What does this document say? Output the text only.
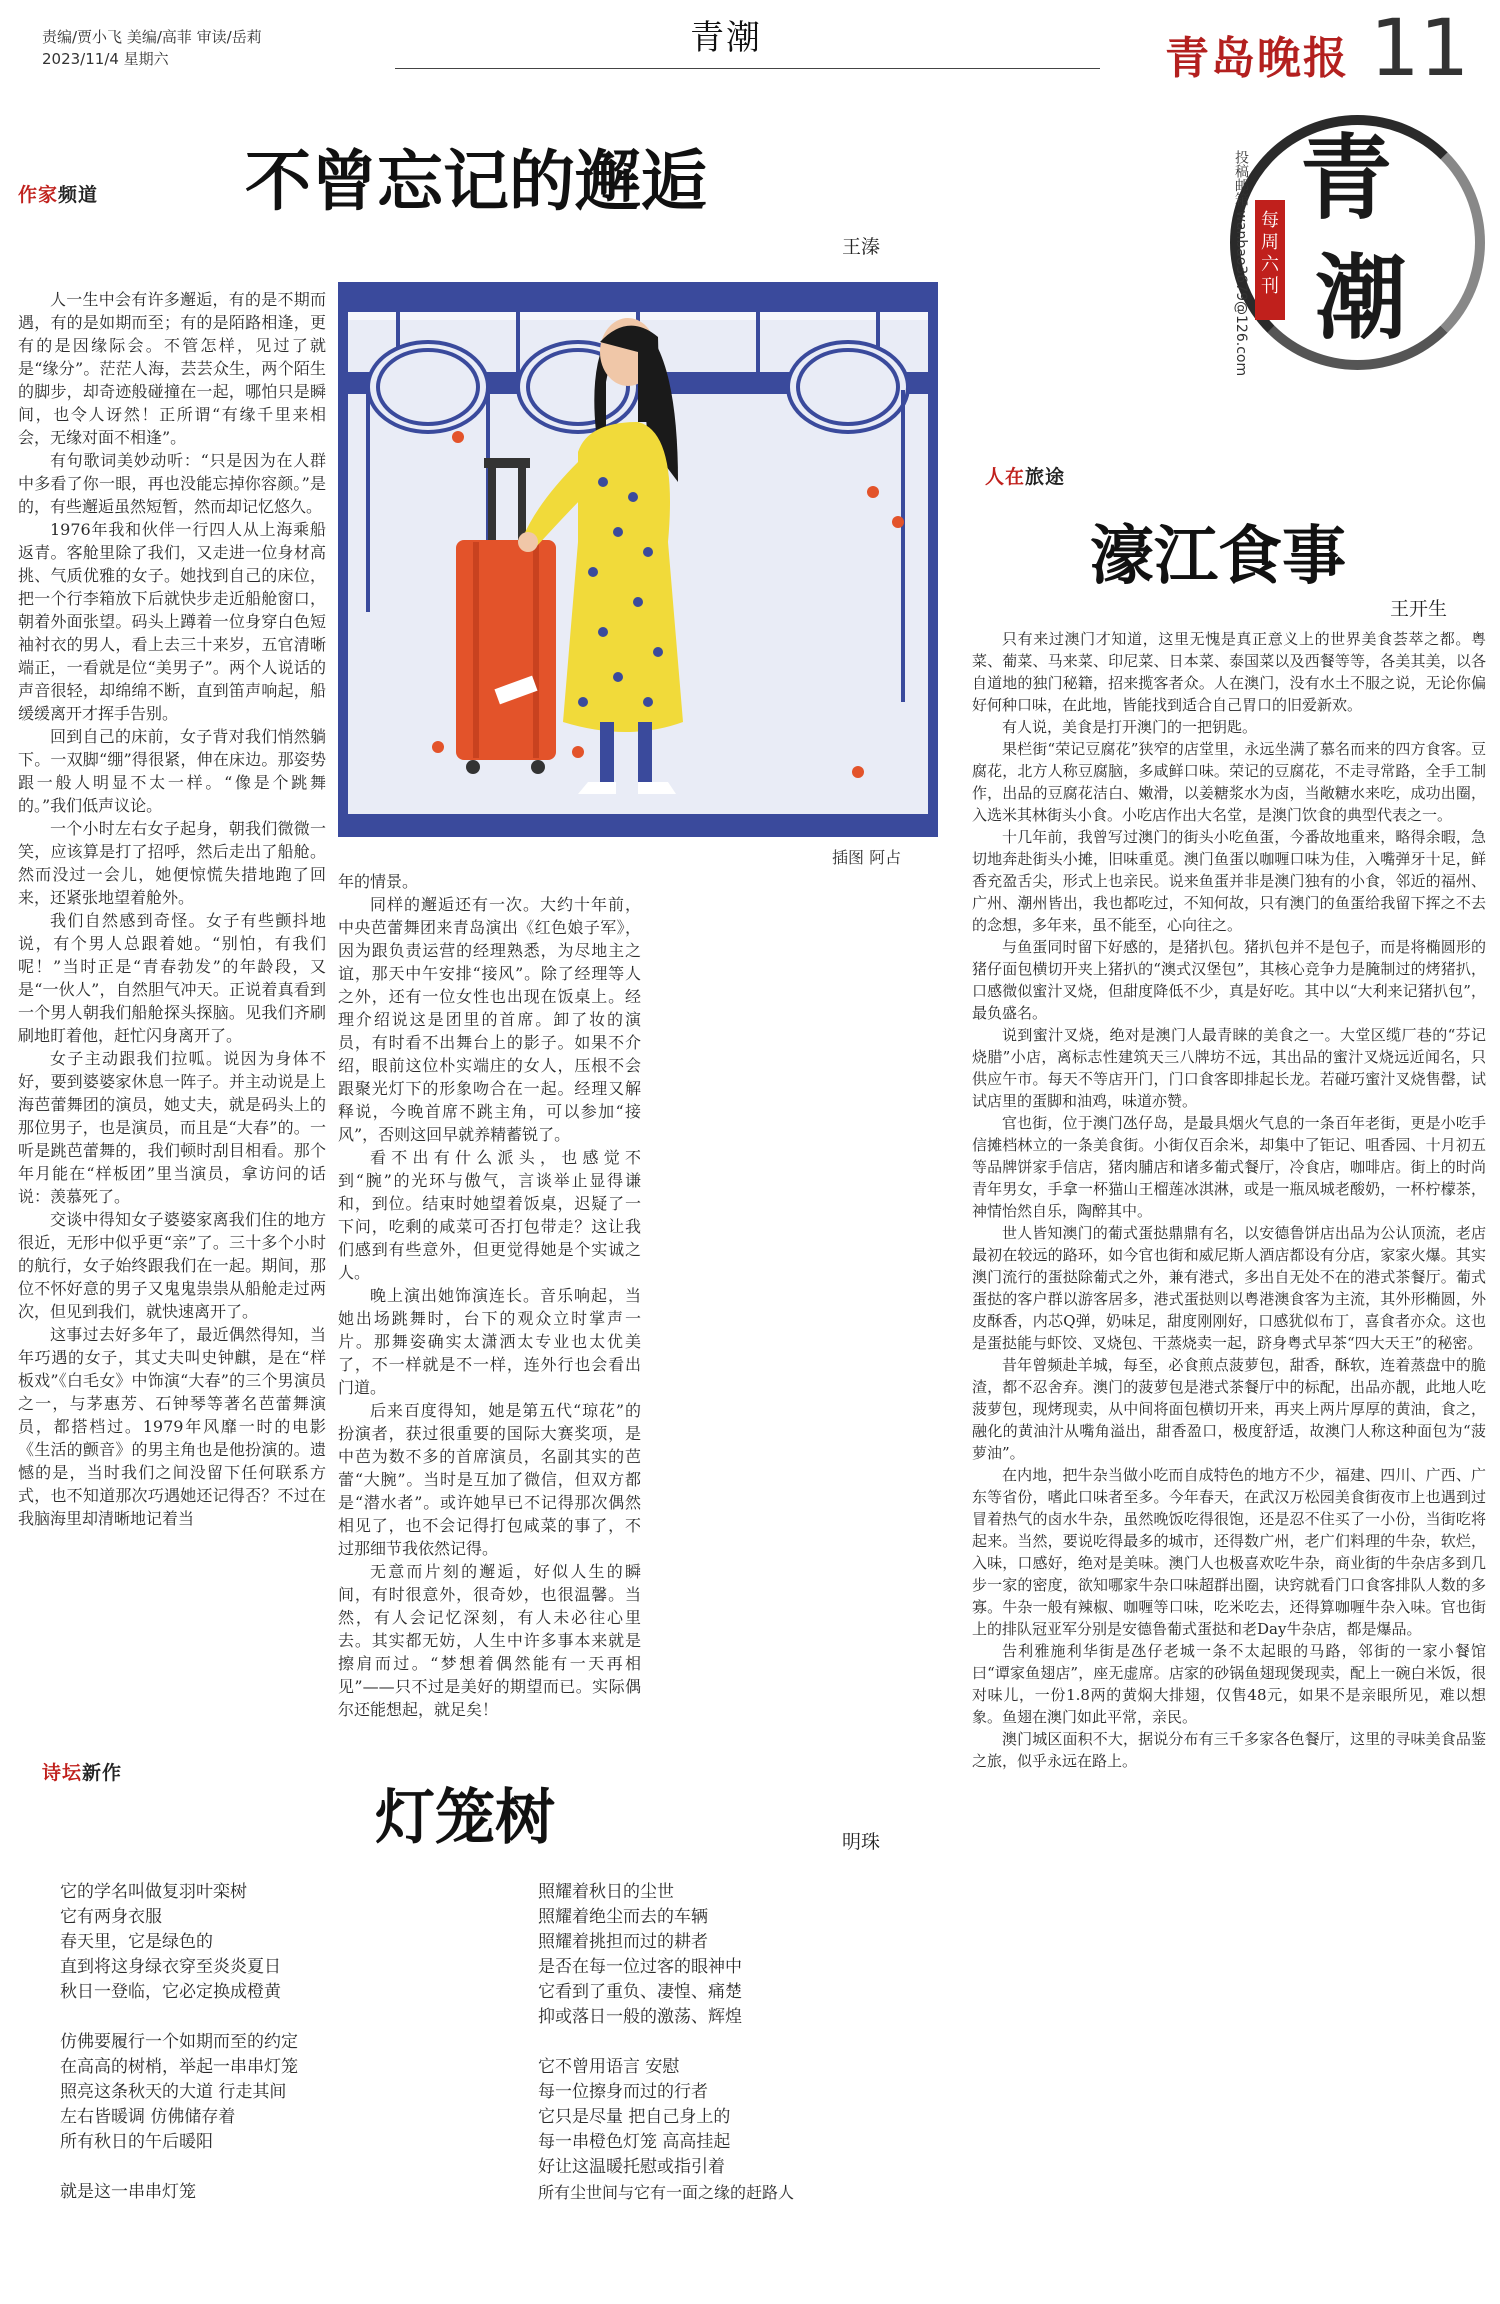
责编/贾小飞 美编/高菲 审读/岳莉
2023/11/4 星期六
青潮	青岛晚报 11
青
潮
每周六刊
投稿邮箱 wanbao3679@126.com
作家频道 不曾忘记的邂逅
王溱

人一生中会有许多邂逅，有的是不期而遇，有的是如期而至；有的是陌路相逢，更有的是因缘际会。不管怎样，见过了就是“缘分”。茫茫人海，芸芸众生，两个陌生的脚步，却奇迹般碰撞在一起，哪怕只是瞬间，也令人讶然！正所谓“有缘千里来相会，无缘对面不相逢”。

有句歌词美妙动听：“只是因为在人群中多看了你一眼，再也没能忘掉你容颜。”是的，有些邂逅虽然短暂，然而却记忆悠久。

1976年我和伙伴一行四人从上海乘船返青。客舱里除了我们，又走进一位身材高挑、气质优雅的女子。她找到自己的床位，把一个行李箱放下后就快步走近船舱窗口，朝着外面张望。码头上蹲着一位身穿白色短袖衬衣的男人，看上去三十来岁，五官清晰端正，一看就是位“美男子”。两个人说话的声音很轻，却绵绵不断，直到笛声响起，船缓缓离开才挥手告别。

回到自己的床前，女子背对我们悄然躺下。一双脚“绷”得很紧，伸在床边。那姿势跟一般人明显不太一样。“像是个跳舞的。”我们低声议论。

一个小时左右女子起身，朝我们微微一笑，应该算是打了招呼，然后走出了船舱。然而没过一会儿，她便惊慌失措地跑了回来，还紧张地望着舱外。

我们自然感到奇怪。女子有些颤抖地说，有个男人总跟着她。“别怕，有我们呢！”当时正是“青春勃发”的年龄段，又是“一伙人”，自然胆气冲天。正说着真看到一个男人朝我们船舱探头探脑。见我们齐刷刷地盯着他，赶忙闪身离开了。

女子主动跟我们拉呱。说因为身体不好，要到婆婆家休息一阵子。并主动说是上海芭蕾舞团的演员，她丈夫，就是码头上的那位男子，也是演员，而且是“大春”的。一听是跳芭蕾舞的，我们顿时刮目相看。那个年月能在“样板团”里当演员，拿访问的话说：羡慕死了。

交谈中得知女子婆婆家离我们住的地方很近，无形中似乎更“亲”了。三十多个小时的航行，女子始终跟我们在一起。期间，那位不怀好意的男子又鬼鬼祟祟从船舱走过两次，但见到我们，就快速离开了。

这事过去好多年了，最近偶然得知，当年巧遇的女子，其丈夫叫史钟麒，是在“样板戏”《白毛女》中饰演“大春”的三个男演员之一，与茅惠芳、石钟琴等著名芭蕾舞演员，都搭档过。1979年风靡一时的电影《生活的颤音》的男主角也是他扮演的。遗憾的是，当时我们之间没留下任何联系方式，也不知道那次巧遇她还记得否？不过在我脑海里却清晰地记着当

插图 阿占

年的情景。

同样的邂逅还有一次。大约十年前，中央芭蕾舞团来青岛演出《红色娘子军》，因为跟负责运营的经理熟悉，为尽地主之谊，那天中午安排“接风”。除了经理等人之外，还有一位女性也出现在饭桌上。经理介绍说这是团里的首席。卸了妆的演员，有时看不出舞台上的影子。如果不介绍，眼前这位朴实端庄的女人，压根不会跟聚光灯下的形象吻合在一起。经理又解释说，今晚首席不跳主角，可以参加“接风”，否则这回早就养精蓄锐了。

看不出有什么派头，也感觉不到“腕”的光环与傲气，言谈举止显得谦和，到位。结束时她望着饭桌，迟疑了一下问，吃剩的咸菜可否打包带走？这让我们感到有些意外，但更觉得她是个实诚之人。

晚上演出她饰演连长。音乐响起，当她出场跳舞时，台下的观众立时掌声一片。那舞姿确实太潇洒太专业也太优美了，不一样就是不一样，连外行也会看出门道。

后来百度得知，她是第五代“琼花”的扮演者，获过很重要的国际大赛奖项，是中芭为数不多的首席演员，名副其实的芭蕾“大腕”。当时是互加了微信，但双方都是“潜水者”。或许她早已不记得那次偶然相见了，也不会记得打包咸菜的事了，不过那细节我依然记得。

无意而片刻的邂逅，好似人生的瞬间，有时很意外，很奇妙，也很温馨。当然，有人会记忆深刻，有人未必往心里去。其实都无妨，人生中许多事本来就是擦肩而过。“梦想着偶然能有一天再相见”——只不过是美好的期望而已。实际偶尔还能想起，就足矣！

人在旅途
濠江食事
王开生

只有来过澳门才知道，这里无愧是真正意义上的世界美食荟萃之都。粤菜、葡菜、马来菜、印尼菜、日本菜、泰国菜以及西餐等等，各美其美，以各自道地的独门秘籍，招来揽客者众。人在澳门，没有水土不服之说，无论你偏好何种口味，在此地，皆能找到适合自己胃口的旧爱新欢。

有人说，美食是打开澳门的一把钥匙。

果栏街“荣记豆腐花”狭窄的店堂里，永远坐满了慕名而来的四方食客。豆腐花，北方人称豆腐脑，多咸鲜口味。荣记的豆腐花，不走寻常路，全手工制作，出品的豆腐花洁白、嫩滑，以姜糖浆水为卤，当敞糖水来吃，成功出圈，入选米其林街头小食。小吃店作出大名堂，是澳门饮食的典型代表之一。

十几年前，我曾写过澳门的街头小吃鱼蛋，今番故地重来，略得余暇，急切地奔赴街头小摊，旧味重觅。澳门鱼蛋以咖喱口味为佳，入嘴弹牙十足，鲜香充盈舌尖，形式上也亲民。说来鱼蛋并非是澳门独有的小食，邻近的福州、广州、潮州皆出，我也都吃过，不知何故，只有澳门的鱼蛋给我留下挥之不去的念想，多年来，虽不能至，心向往之。

与鱼蛋同时留下好感的，是猪扒包。猪扒包并不是包子，而是将椭圆形的猪仔面包横切开夹上猪扒的“澳式汉堡包”，其核心竞争力是腌制过的烤猪扒，口感微似蜜汁叉烧，但甜度降低不少，真是好吃。其中以“大利来记猪扒包”，最负盛名。

说到蜜汁叉烧，绝对是澳门人最青睐的美食之一。大堂区缆厂巷的“芬记烧腊”小店，离标志性建筑天三八牌坊不远，其出品的蜜汁叉烧远近闻名，只供应午市。每天不等店开门，门口食客即排起长龙。若碰巧蜜汁叉烧售罄，试试店里的蛋脚和油鸡，味道亦赞。

官也街，位于澳门氹仔岛，是最具烟火气息的一条百年老街，更是小吃手信摊档林立的一条美食街。小街仅百余米，却集中了钜记、咀香园、十月初五等品牌饼家手信店，猪肉脯店和诸多葡式餐厅，冷食店，咖啡店。街上的时尚青年男女，手拿一杯猫山王榴莲冰淇淋，或是一瓶凤城老酸奶，一杯柠檬茶，神情怡然自乐，陶醉其中。

世人皆知澳门的葡式蛋挞鼎鼎有名，以安德鲁饼店出品为公认顶流，老店最初在较远的路环，如今官也街和威尼斯人酒店都设有分店，家家火爆。其实澳门流行的蛋挞除葡式之外，兼有港式，多出自无处不在的港式茶餐厅。葡式蛋挞的客户群以游客居多，港式蛋挞则以粤港澳食客为主流，其外形椭圆，外皮酥香，内芯Q弹，奶味足，甜度刚刚好，口感犹似布丁，喜食者亦众。这也是蛋挞能与虾饺、叉烧包、干蒸烧卖一起，跻身粤式早茶“四大天王”的秘密。

昔年曾频赴羊城，每至，必食煎点菠萝包，甜香，酥软，连着蒸盘中的脆渣，都不忍舍弃。澳门的菠萝包是港式茶餐厅中的标配，出品亦靓，此地人吃菠萝包，现烤现卖，从中间将面包横切开来，再夹上两片厚厚的黄油，食之，融化的黄油汁从嘴角溢出，甜香盈口，极度舒适，故澳门人称这种面包为“菠萝油”。

在内地，把牛杂当做小吃而自成特色的地方不少，福建、四川、广西、广东等省份，嗜此口味者至多。今年春天，在武汉万松园美食街夜市上也遇到过冒着热气的卤水牛杂，虽然晚饭吃得很饱，还是忍不住买了一小份，当街吃将起来。当然，要说吃得最多的城市，还得数广州，老广们料理的牛杂，软烂，入味，口感好，绝对是美味。澳门人也极喜欢吃牛杂，商业街的牛杂店多到几步一家的密度，欲知哪家牛杂口味超群出圈，诀窍就看门口食客排队人数的多寡。牛杂一般有辣椒、咖喱等口味，吃米吃去，还得算咖喱牛杂入味。官也街上的排队冠亚军分别是安德鲁葡式蛋挞和老Day牛杂店，都是爆品。

告利雅施利华街是氹仔老城一条不太起眼的马路，邻街的一家小餐馆曰“谭家鱼翅店”，座无虚席。店家的砂锅鱼翅现煲现卖，配上一碗白米饭，很对味儿，一份1.8两的黄焖大排翅，仅售48元，如果不是亲眼所见，难以想象。鱼翅在澳门如此平常，亲民。

澳门城区面积不大，据说分布有三千多家各色餐厅，这里的寻味美食品鉴之旅，似乎永远在路上。

诗坛新作
灯笼树	明珠
它的学名叫做复羽叶栾树
它有两身衣服
春天里，它是绿色的
直到将这身绿衣穿至炎炎夏日
秋日一登临，它必定换成橙黄
仿佛要履行一个如期而至的约定
在高高的树梢，举起一串串灯笼
照亮这条秋天的大道 行走其间
左右皆暖调 仿佛储存着
所有秋日的午后暖阳
就是这一串串灯笼
照耀着秋日的尘世
照耀着绝尘而去的车辆
照耀着挑担而过的耕者
是否在每一位过客的眼神中
它看到了重负、凄惶、痛楚
抑或落日一般的激荡、辉煌
它不曾用语言 安慰
每一位擦身而过的行者
它只是尽量 把自己身上的
每一串橙色灯笼 高高挂起
好让这温暖托慰或指引着
所有尘世间与它有一面之缘的赶路人
